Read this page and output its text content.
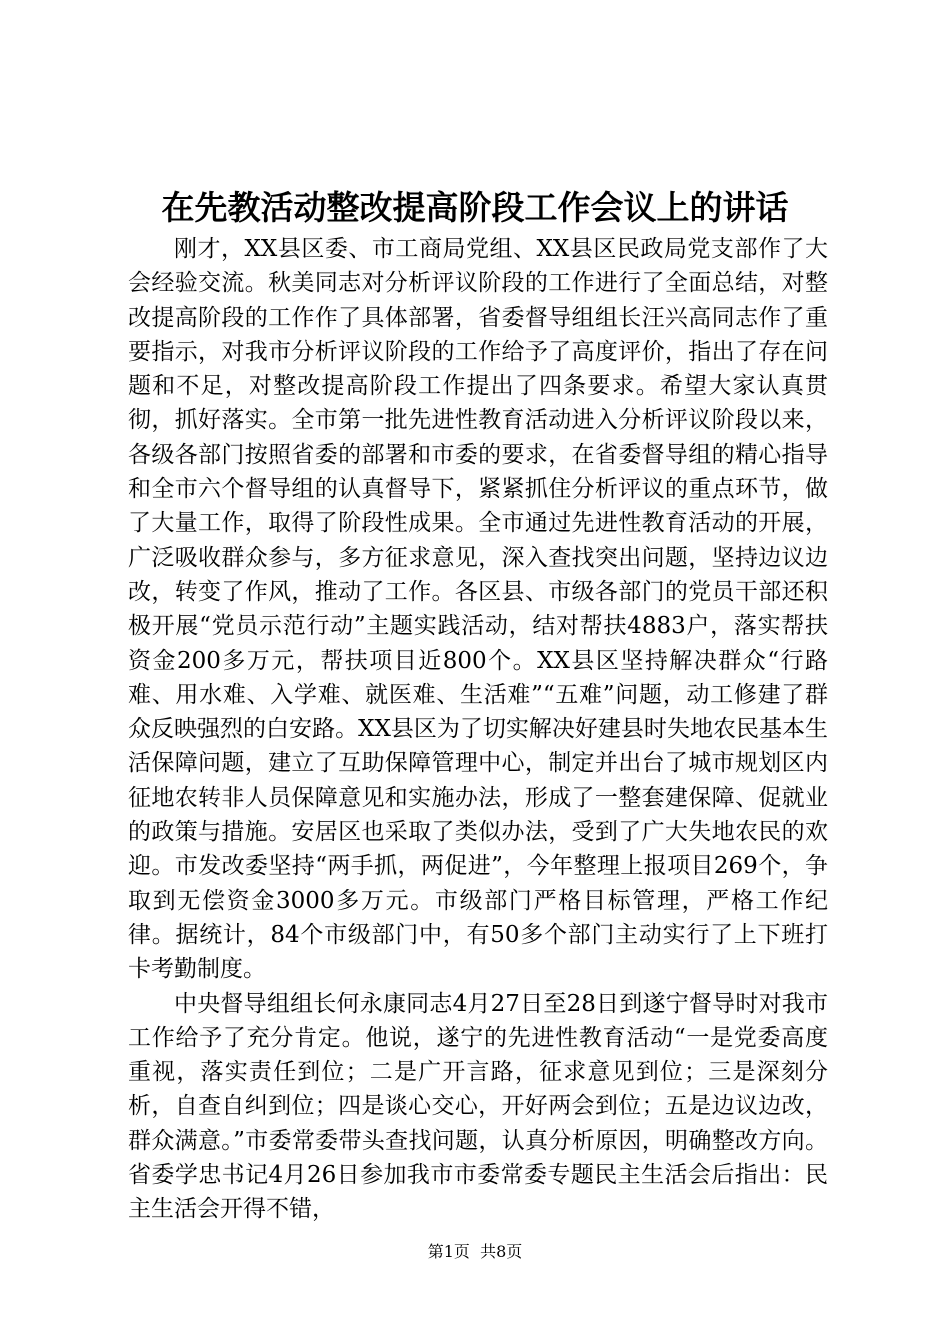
在先教活动整改提高阶段工作会议上的讲话

刚才，XX县区委、市工商局党组、XX县区民政局党支部作了大会经验交流。秋美同志对分析评议阶段的工作进行了全面总结，对整改提高阶段的工作作了具体部署，省委督导组组长汪兴高同志作了重要指示，对我市分析评议阶段的工作给予了高度评价，指出了存在问题和不足，对整改提高阶段工作提出了四条要求。希望大家认真贯彻，抓好落实。全市第一批先进性教育活动进入分析评议阶段以来，各级各部门按照省委的部署和市委的要求，在省委督导组的精心指导和全市六个督导组的认真督导下，紧紧抓住分析评议的重点环节，做了大量工作，取得了阶段性成果。全市通过先进性教育活动的开展，广泛吸收群众参与，多方征求意见，深入查找突出问题，坚持边议边改，转变了作风，推动了工作。各区县、市级各部门的党员干部还积极开展“党员示范行动”主题实践活动，结对帮扶4883户，落实帮扶资金200多万元，帮扶项目近800个。XX县区坚持解决群众“行路难、用水难、入学难、就医难、生活难”“五难”问题，动工修建了群众反映强烈的白安路。XX县区为了切实解决好建县时失地农民基本生活保障问题，建立了互助保障管理中心，制定并出台了城市规划区内征地农转非人员保障意见和实施办法，形成了一整套建保障、促就业的政策与措施。安居区也采取了类似办法，受到了广大失地农民的欢迎。市发改委坚持“两手抓，两促进”，今年整理上报项目269个，争取到无偿资金3000多万元。市级部门严格目标管理，严格工作纪律。据统计，84个市级部门中，有50多个部门主动实行了上下班打卡考勤制度。

中央督导组组长何永康同志4月27日至28日到遂宁督导时对我市工作给予了充分肯定。他说，遂宁的先进性教育活动“一是党委高度重视，落实责任到位；二是广开言路，征求意见到位；三是深刻分析，自查自纠到位；四是谈心交心，开好两会到位；五是边议边改，群众满意。”市委常委带头查找问题，认真分析原因，明确整改方向。省委学忠书记4月26日参加我市市委常委专题民主生活会后指出：民主生活会开得不错，

第1页 共8页
